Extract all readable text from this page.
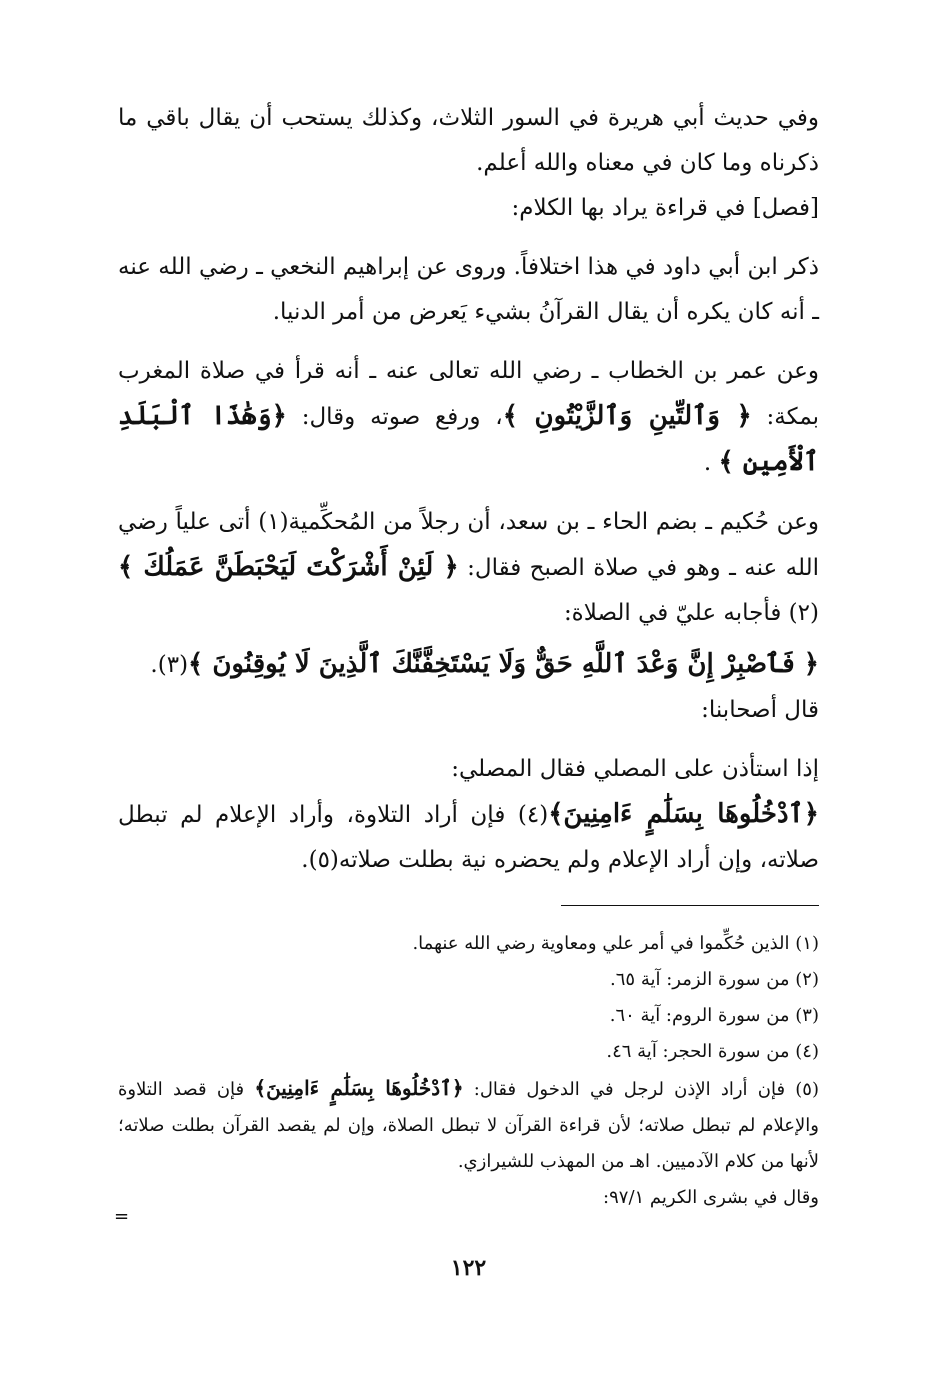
وفي حديث أبي هريرة في السور الثلاث، وكذلك يستحب أن يقال باقي ما ذكرناه وما كان في معناه والله أعلم.

[فصل] في قراءة يراد بها الكلام:

ذكر ابن أبي داود في هذا اختلافاً. وروى عن إبراهيم النخعي ـ رضي الله عنه ـ أنه كان يكره أن يقال القرآنُ بشيء يَعرض من أمر الدنيا.

وعن عمر بن الخطاب ـ رضي الله تعالى عنه ـ أنه قرأ في صلاة المغرب بمكة: ﴿ وَٱلتِّينِ وَٱلزَّيْتُونِ ﴾، ورفع صوته وقال: ﴿وَهَٰذَا ٱلْبَلَدِ ٱلْأَمِينِ ﴾ .

وعن حُكيم ـ بضم الحاء ـ بن سعد، أن رجلاً من المُحكِّمية(١) أتى علياً رضي الله عنه ـ وهو في صلاة الصبح فقال: ﴿ لَئِنْ أَشْرَكْتَ لَيَحْبَطَنَّ عَمَلُكَ ﴾(٢) فأجابه عليّ في الصلاة:

﴿ فَٱصْبِرْ إِنَّ وَعْدَ ٱللَّهِ حَقٌّ وَلَا يَسْتَخِفَّنَّكَ ٱلَّذِينَ لَا يُوقِنُونَ ﴾(٣).

قال أصحابنا:

إذا استأذن على المصلي فقال المصلي:

﴿ٱدْخُلُوهَا بِسَلَٰمٍ ءَامِنِينَ﴾(٤) فإن أراد التلاوة، وأراد الإعلام لم تبطل صلاته، وإن أراد الإعلام ولم يحضره نية بطلت صلاته(٥).

(١) الذين حُكِّموا في أمر علي ومعاوية رضي الله عنهما.

(٢) من سورة الزمر: آية ٦٥.

(٣) من سورة الروم: آية ٦٠.

(٤) من سورة الحجر: آية ٤٦.

(٥) فإن أراد الإذن لرجل في الدخول فقال: ﴿ٱدْخُلُوهَا بِسَلَٰمٍ ءَامِنِينَ﴾ فإن قصد التلاوة والإعلام لم تبطل صلاته؛ لأن قراءة القرآن لا تبطل الصلاة، وإن لم يقصد القرآن بطلت صلاته؛ لأنها من كلام الآدميين. اهـ من المهذب للشيرازي.

وقال في بشرى الكريم ٩٧/١:

=
١٢٢
